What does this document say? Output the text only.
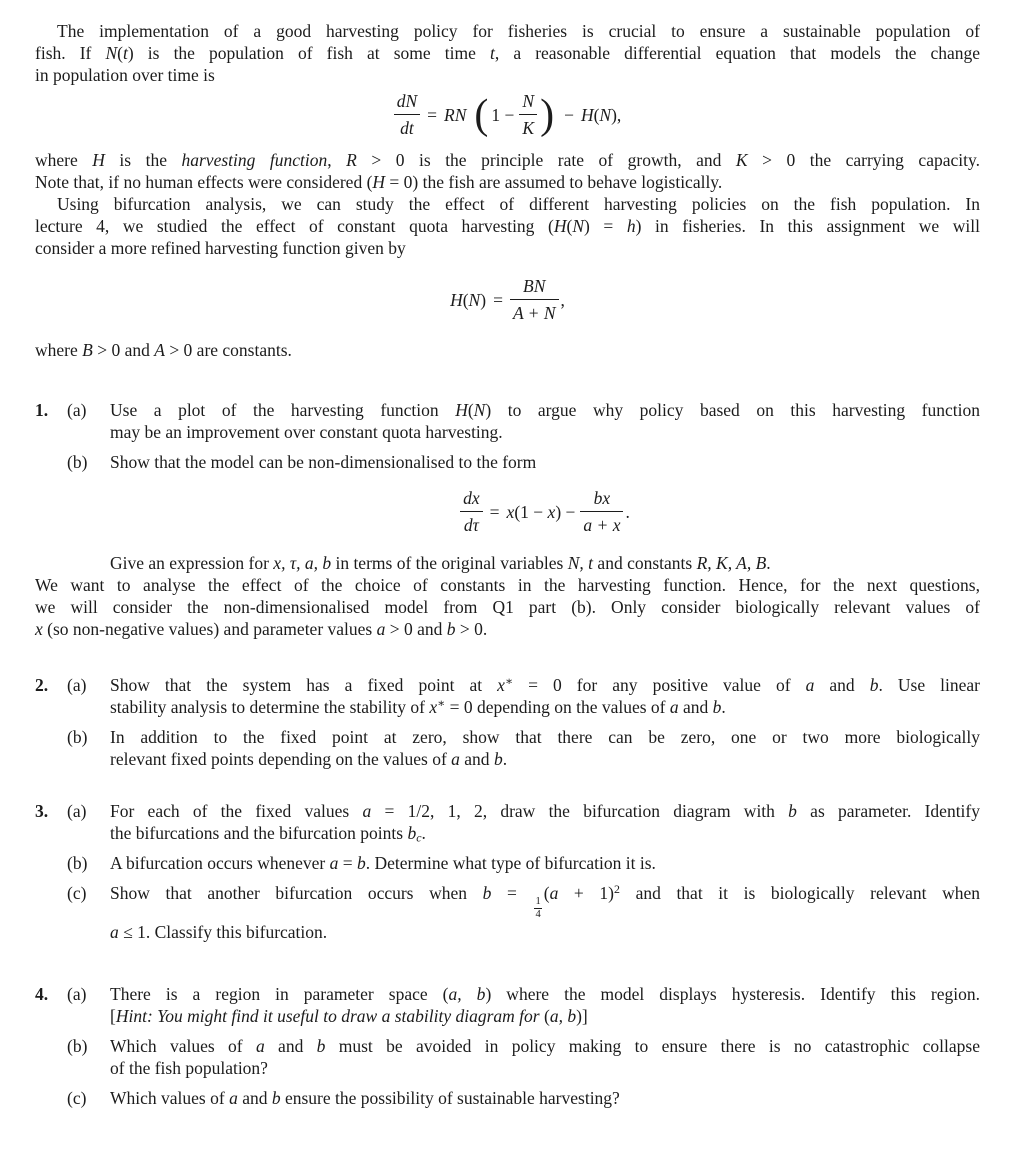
The implementation of a good harvesting policy for fisheries is crucial to ensure a sustainable population of
fish. If N(t) is the population of fish at some time t, a reasonable differential equation that models the change
in population over time is

$\frac{dN}{dt}$ = RN ( $1 - \frac{N}{K}$ ) − H(N),

where H is the harvesting function, R > 0 is the principle rate of growth, and K > 0 the carrying capacity.
Note that, if no human effects were considered (H = 0) the fish are assumed to behave logistically.

Using bifurcation analysis, we can study the effect of different harvesting policies on the fish population. In
lecture 4, we studied the effect of constant quota harvesting (H(N) = h) in fisheries. In this assignment we will
consider a more refined harvesting function given by

$H(N) = \frac{BN}{A + N}$ ,

where B > 0 and A > 0 are constants.

1.	(a)	Use a plot of the harvesting function H(N) to argue why policy based on this harvesting function
may be an improvement over constant quota harvesting.
(b)	Show that the model can be non-dimensionalised to the form
$\frac{dx}{d\tau} = x(1 - x) - \frac{bx}{a + x}$ .
Give an expression for x, τ, a, b in terms of the original variables N, t and constants R, K, A, B.

We want to analyse the effect of the choice of constants in the harvesting function. Hence, for the next questions,
we will consider the non-dimensionalised model from Q1 part (b). Only consider biologically relevant values of
x (so non-negative values) and parameter values a > 0 and b > 0.

2.	(a)	Show that the system has a fixed point at x∗ = 0 for any positive value of a and b. Use linear
stability analysis to determine the stability of x∗ = 0 depending on the values of a and b.
(b)	In addition to the fixed point at zero, show that there can be zero, one or two more biologically
relevant fixed points depending on the values of a and b.
3.	(a)	For each of the fixed values a = 1/2, 1, 2, draw the bifurcation diagram with b as parameter. Identify
the bifurcations and the bifurcation points $b_c$.
(b)	A bifurcation occurs whenever a = b. Determine what type of bifurcation it is.
(c)	Show that another bifurcation occurs when b =
$\frac{1}{4}$
$(a + 1)^2$ and that it is biologically relevant when
a ≤ 1. Classify this bifurcation.
4.	(a)	There is a region in parameter space (a, b) where the model displays hysteresis. Identify this region.
[Hint: You might find it useful to draw a stability diagram for (a, b)]
(b)	Which values of a and b must be avoided in policy making to ensure there is no catastrophic collapse
of the fish population?
(c)	Which values of a and b ensure the possibility of sustainable harvesting?
